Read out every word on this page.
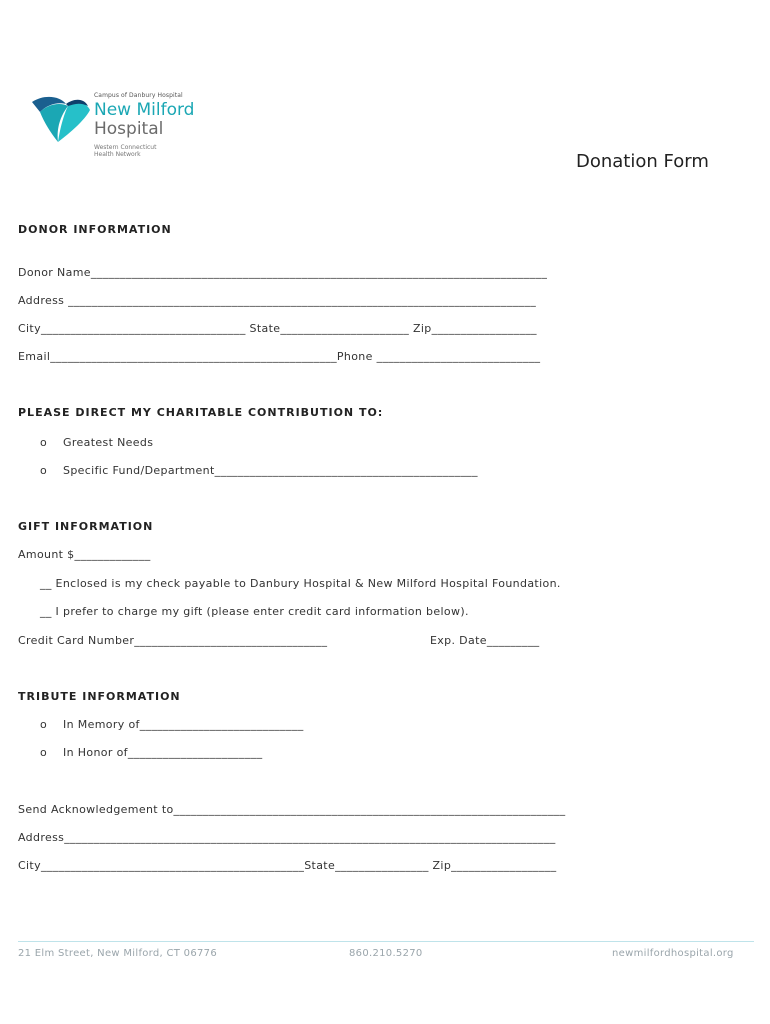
Campus of Danbury Hospital
New Milford
Hospital
Western Connecticut
Health Network	Donation Form
DONOR INFORMATION
Donor Name______________________________________________________________________________
Address ________________________________________________________________________________
City___________________________________ State______________________ Zip__________________
Email_________________________________________________Phone ____________________________
PLEASE DIRECT MY CHARITABLE CONTRIBUTION TO:
o Greatest Needs
o Specific Fund/Department_____________________________________________
GIFT INFORMATION
Amount $_____________
__ Enclosed is my check payable to Danbury Hospital & New Milford Hospital Foundation.
__ I prefer to charge my gift (please enter credit card information below).
Credit Card Number_________________________________	Exp. Date_________
TRIBUTE INFORMATION
o In Memory of____________________________
o In Honor of_______________________
Send Acknowledgement to___________________________________________________________________
Address____________________________________________________________________________________
City_____________________________________________State________________ Zip__________________
21 Elm Street, New Milford, CT 06776	860.210.5270	newmilfordhospital.org
